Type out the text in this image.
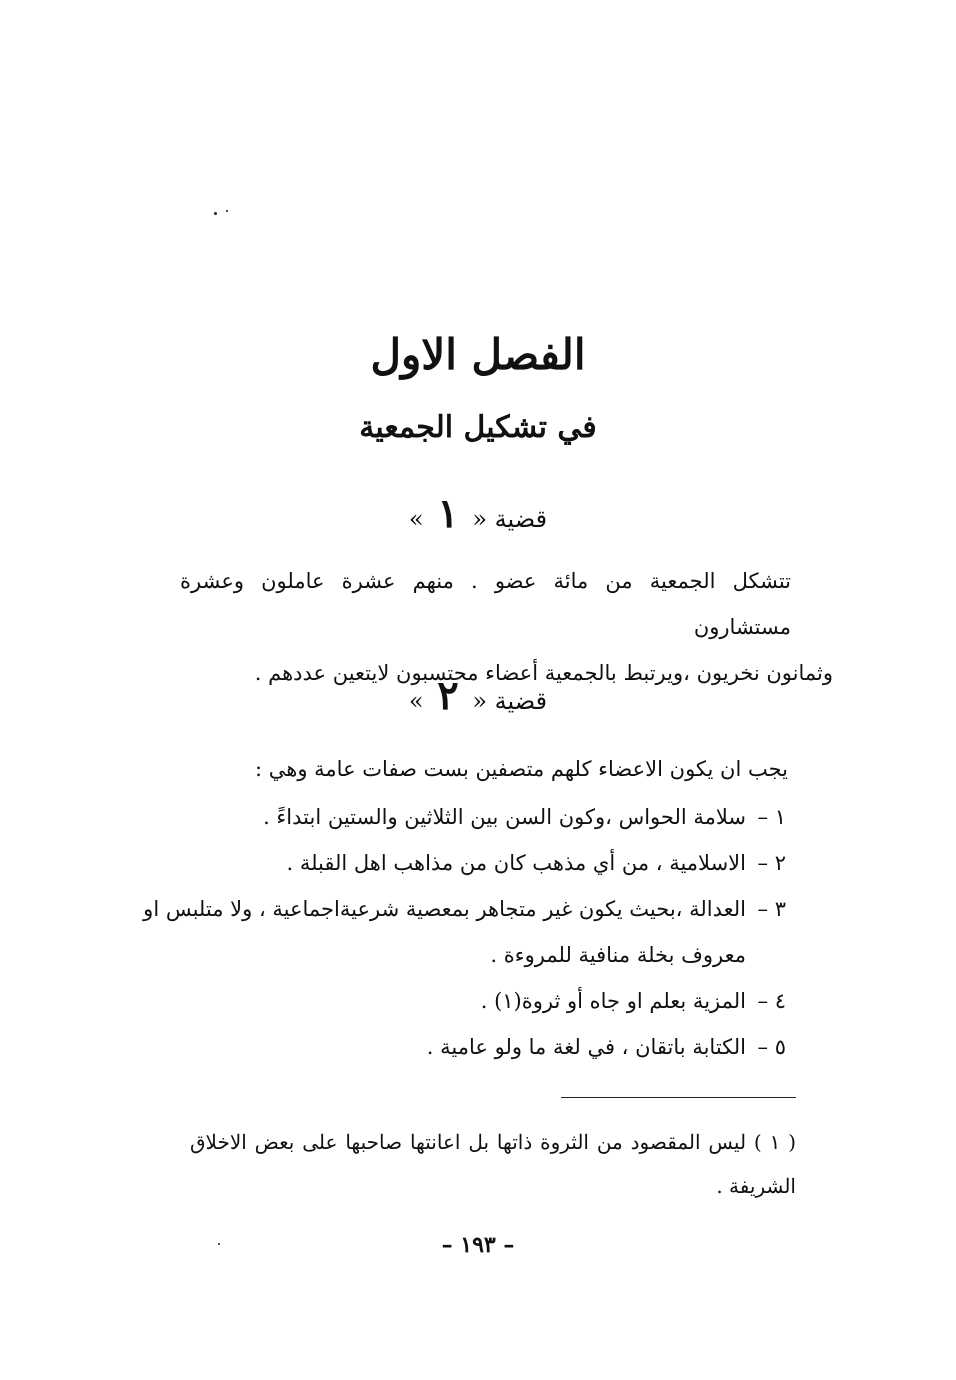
الفصل الاول
في تشكيل الجمعية
قضية « ١ »
تتشكل الجمعية من مائة عضو . منهم عشرة عاملون وعشرة مستشارون
وثمانون نخريون ،ويرتبط بالجمعية أعضاء محتسبون لايتعين عددهم .
قضية « ٢ »
يجب ان يكون الاعضاء كلهم متصفين بست صفات عامة وهي :
١ –
سلامة الحواس ،وكون السن بين الثلاثين والستين ابتداءً .
٢ –
الاسلامية ، من أي مذهب كان من مذاهب اهل القبلة .
٣ –
العدالة ،بحيث يكون غير متجاهر بمعصية شرعيةاجماعية ، ولا متلبس او
معروف بخلة منافية للمروءة .
٤ –
المزية بعلم او جاه أو ثروة(١) .
٥ –
الكتابة باتقان ، في لغة ما ولو عامية .
( ١ ) ليس المقصود من الثروة ذاتها بل اعانتها صاحبها على بعض الاخلاق الشريفة .
– ١٩٣ –
